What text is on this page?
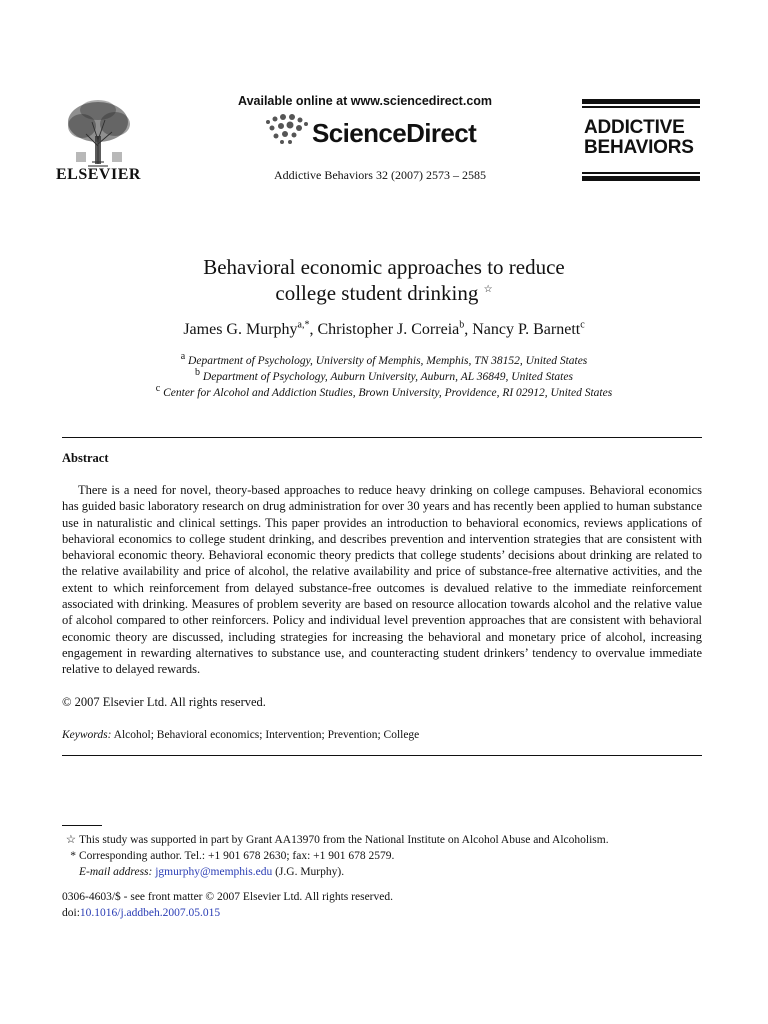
ELSEVIER
Available online at www.sciencedirect.com
ScienceDirect
Addictive Behaviors 32 (2007) 2573 – 2585
ADDICTIVE
BEHAVIORS
Behavioral economic approaches to reduce
college student drinking ☆
James G. Murphy$^{a,*}$, Christopher J. Correia$^b$, Nancy P. Barnett$^c$
$^a$ Department of Psychology, University of Memphis, Memphis, TN 38152, United States
$^b$ Department of Psychology, Auburn University, Auburn, AL 36849, United States
$^c$ Center for Alcohol and Addiction Studies, Brown University, Providence, RI 02912, United States
Abstract
There is a need for novel, theory-based approaches to reduce heavy drinking on college campuses. Behavioral economics has guided basic laboratory research on drug administration for over 30 years and has recently been applied to human substance use in naturalistic and clinical settings. This paper provides an introduction to behavioral economics, reviews applications of behavioral economics to college student drinking, and describes prevention and intervention strategies that are consistent with behavioral economic theory. Behavioral economic theory predicts that college students’ decisions about drinking are related to the relative availability and price of alcohol, the relative availability and price of substance-free alternative activities, and the extent to which reinforcement from delayed substance-free outcomes is devalued relative to the immediate reinforcement associated with drinking. Measures of problem severity are based on resource allocation towards alcohol and the relative value of alcohol compared to other reinforcers. Policy and individual level prevention approaches that are consistent with behavioral economic theory are discussed, including strategies for increasing the behavioral and monetary price of alcohol, increasing engagement in rewarding alternatives to substance use, and counteracting student drinkers’ tendency to overvalue immediate relative to delayed rewards.
© 2007 Elsevier Ltd. All rights reserved.
Keywords: Alcohol; Behavioral economics; Intervention; Prevention; College
☆ This study was supported in part by Grant AA13970 from the National Institute on Alcohol Abuse and Alcoholism.
* Corresponding author. Tel.: +1 901 678 2630; fax: +1 901 678 2579.
E-mail address: jgmurphy@memphis.edu (J.G. Murphy).
0306-4603/$ - see front matter © 2007 Elsevier Ltd. All rights reserved.
doi:10.1016/j.addbeh.2007.05.015
